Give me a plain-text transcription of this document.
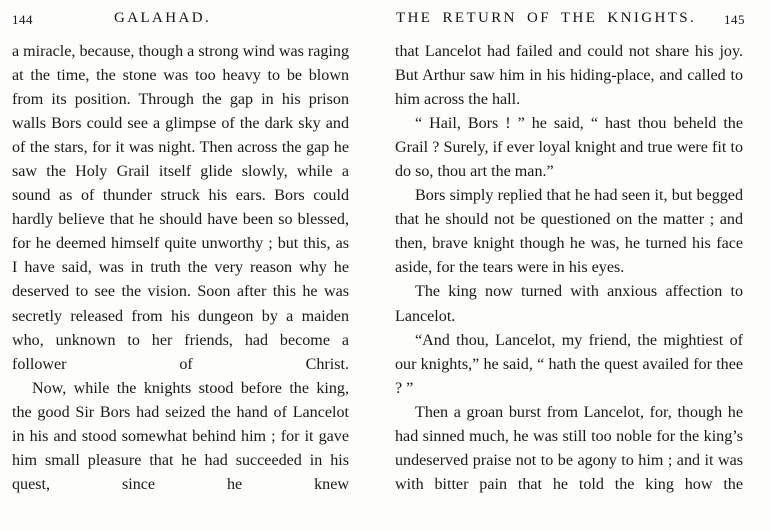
144	GALAHAD.

a miracle, because, though a strong wind was raging at the time, the stone was too heavy to be blown from its position. Through the gap in his prison walls Bors could see a glimpse of the dark sky and of the stars, for it was night. Then across the gap he saw the Holy Grail itself glide slowly, while a sound as of thunder struck his ears. Bors could hardly believe that he should have been so blessed, for he deemed himself quite unworthy ; but this, as I have said, was in truth the very reason why he deserved to see the vision. Soon after this he was secretly released from his dungeon by a maiden who, unknown to her friends, had become a follower of Christ.

Now, while the knights stood before the king, the good Sir Bors had seized the hand of Lancelot in his and stood somewhat behind him ; for it gave him small pleasure that he had succeeded in his quest, since he knew

THE RETURN OF THE KNIGHTS. 145

that Lancelot had failed and could not share his joy. But Arthur saw him in his hiding-place, and called to him across the hall.

“ Hail, Bors ! ” he said, “ hast thou beheld the Grail ? Surely, if ever loyal knight and true were fit to do so, thou art the man.”

Bors simply replied that he had seen it, but begged that he should not be questioned on the matter ; and then, brave knight though he was, he turned his face aside, for the tears were in his eyes.

The king now turned with anxious affection to Lancelot.

“And thou, Lancelot, my friend, the mightiest of our knights,” he said, “ hath the quest availed for thee ? ”

Then a groan burst from Lancelot, for, though he had sinned much, he was still too noble for the king’s undeserved praise not to be agony to him ; and it was with bitter pain that he told the king how the
